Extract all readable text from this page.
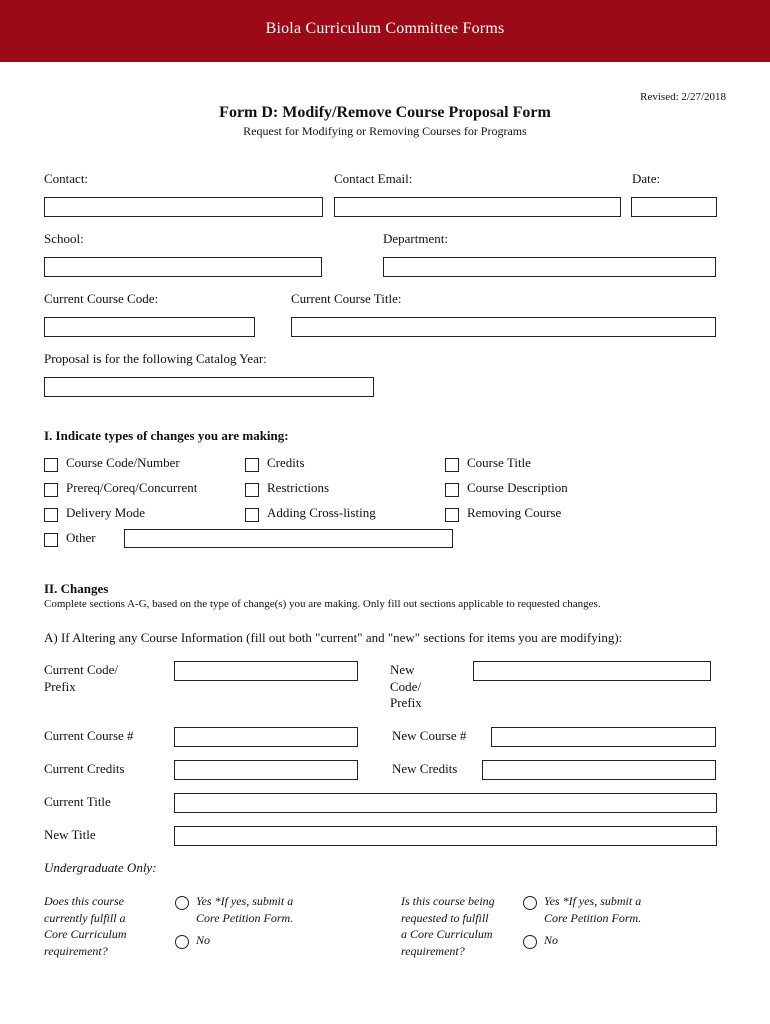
Biola Curriculum Committee Forms
Revised: 2/27/2018
Form D: Modify/Remove Course Proposal Form
Request for Modifying or Removing Courses for Programs
Contact:	Contact Email:	Date:
School:	Department:
Current Course Code:	Current Course Title:
Proposal is for the following Catalog Year:
I. Indicate types of changes you are making:
Course Code/Number	Credits	Course Title
Prereq/Coreq/Concurrent	Restrictions	Course Description
Delivery Mode	Adding Cross-listing	Removing Course
Other
II. Changes
Complete sections A-G, based on the type of change(s) you are making. Only fill out sections applicable to requested changes.
A) If Altering any Course Information (fill out both "current" and "new" sections for items you are modifying):
Current Code/
Prefix
New
Code/
Prefix
Current Course #	New Course #
Current Credits	New Credits
Current Title
New Title
Undergraduate Only:
Does this course
currently fulfill a
Core Curriculum
requirement?
Yes *If yes, submit a
Core Petition Form.
No
Is this course being
requested to fulfill
a Core Curriculum
requirement?
Yes *If yes, submit a
Core Petition Form.
No
